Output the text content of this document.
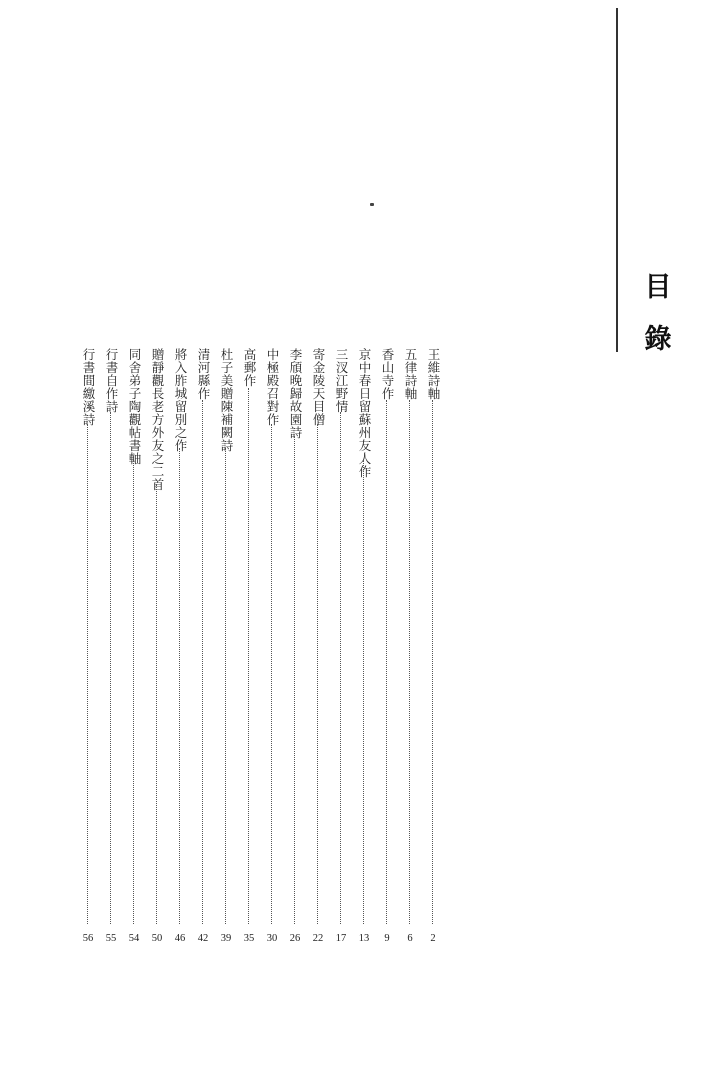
目
錄
王維詩軸
2
五律詩軸
6
香山寺作
9
京中春日留蘇州友人作
13
三汊江野情
17
寄金陵天目僧
22
李頎晚歸故園詩
26
中極殿召對作
30
高郵作
35
杜子美贈陳補闕詩
39
清河縣作
42
將入胙城留別之作
46
贈靜觀長老方外友之二首
50
同舍弟子陶觀帖書軸
54
行書自作詩
55
行書間繳溪詩
56
